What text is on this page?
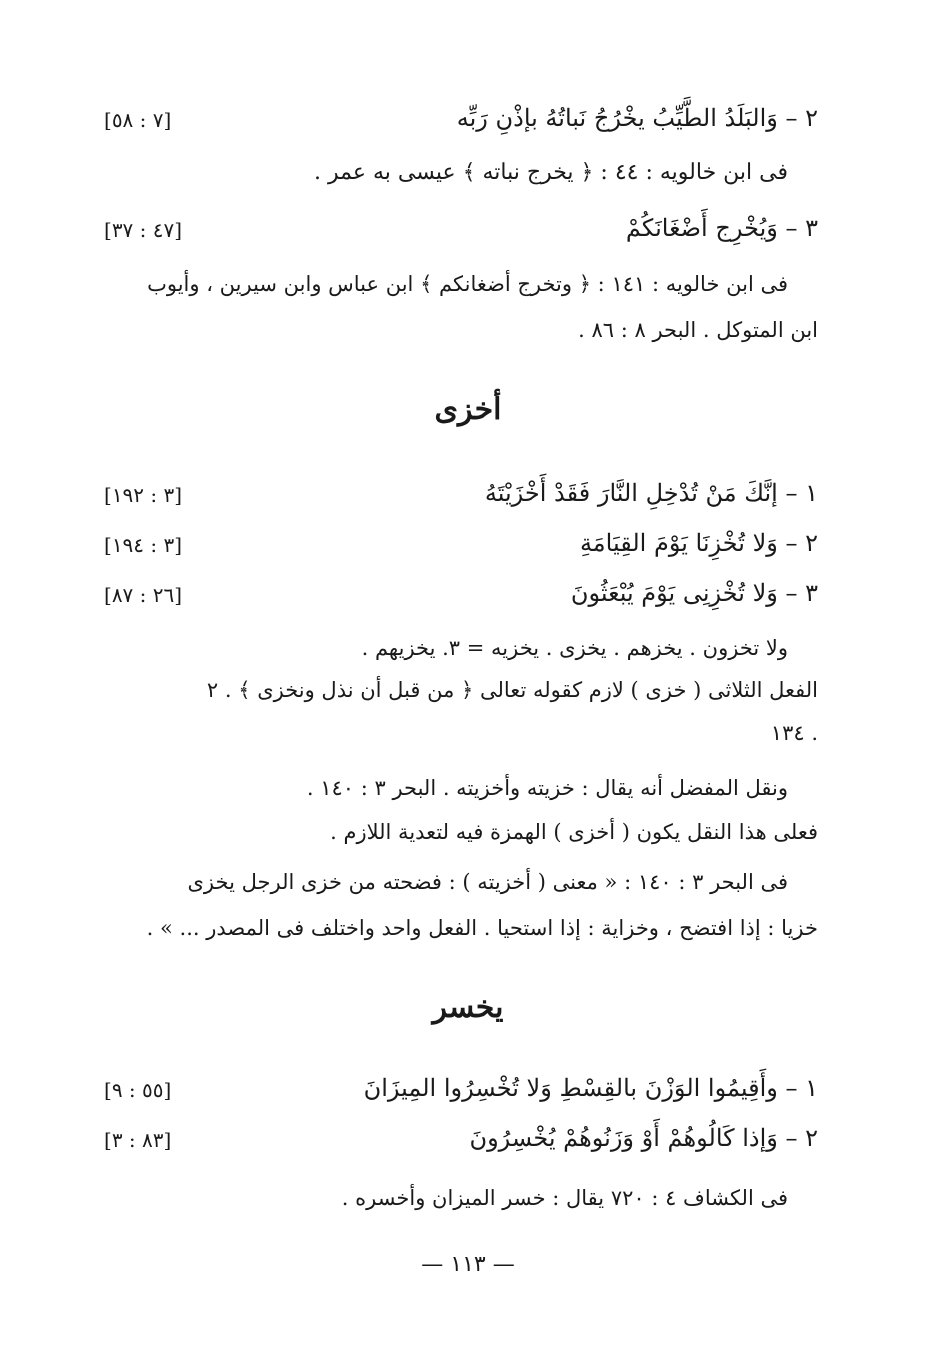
٢ – وَالبَلَدُ الطَّيِّبُ يخْرُجُ نَباتُهُ بإذْنِ رَبِّه
[٧ : ٥٨]
فى ابن خالويه : ٤٤ : ﴿ يخرج نباته ﴾ عيسى به عمر .
٣ – وَيُخْرِج أَضْغَانَكُمْ
[٤٧ : ٣٧]
فى ابن خالويه : ١٤١ : ﴿ وتخرج أضغانكم ﴾ ابن عباس وابن سيرين ، وأيوب
ابن المتوكل . البحر ٨ : ٨٦ .
أخزى
١ – إنَّكَ مَنْ تُدْخِلِ النَّارَ فَقَدْ أَخْزَيْتَهُ
[٣ : ١٩٢]
٢ – وَلا تُخْزِنَا يَوْمَ القِيَامَةِ
[٣ : ١٩٤]
٣ – وَلا تُخْزِنِى يَوْمَ يُبْعَثُونَ
[٢٦ : ٨٧]
ولا تخزون . يخزهم . يخزى . يخزيه = ٣. يخزيهم .
الفعل الثلاثى ( خزى ) لازم كقوله تعالى ﴿ من قبل أن نذل ونخزى ﴾ . ٢
. ١٣٤
ونقل المفضل أنه يقال : خزيته وأخزيته . البحر ٣ : ١٤٠ .
فعلى هذا النقل يكون ( أخزى ) الهمزة فيه لتعدية اللازم .
فى البحر ٣ : ١٤٠ : « معنى ( أخزيته ) : فضحته من خزى الرجل يخزى
خزيا : إذا افتضح ، وخزاية : إذا استحيا . الفعل واحد واختلف فى المصدر ... » .
يخسر
١ – وأَقِيمُوا الوَزْنَ بالقِسْطِ وَلا تُخْسِرُوا المِيزَانَ
[٥٥ : ٩]
٢ – وَإذا كَالُوهُمْ أَوْ وَزَنُوهُمْ يُخْسِرُونَ
[٨٣ : ٣]
فى الكشاف ٤ : ٧٢٠ يقال : خسر الميزان وأخسره .
— ١١٣ —
